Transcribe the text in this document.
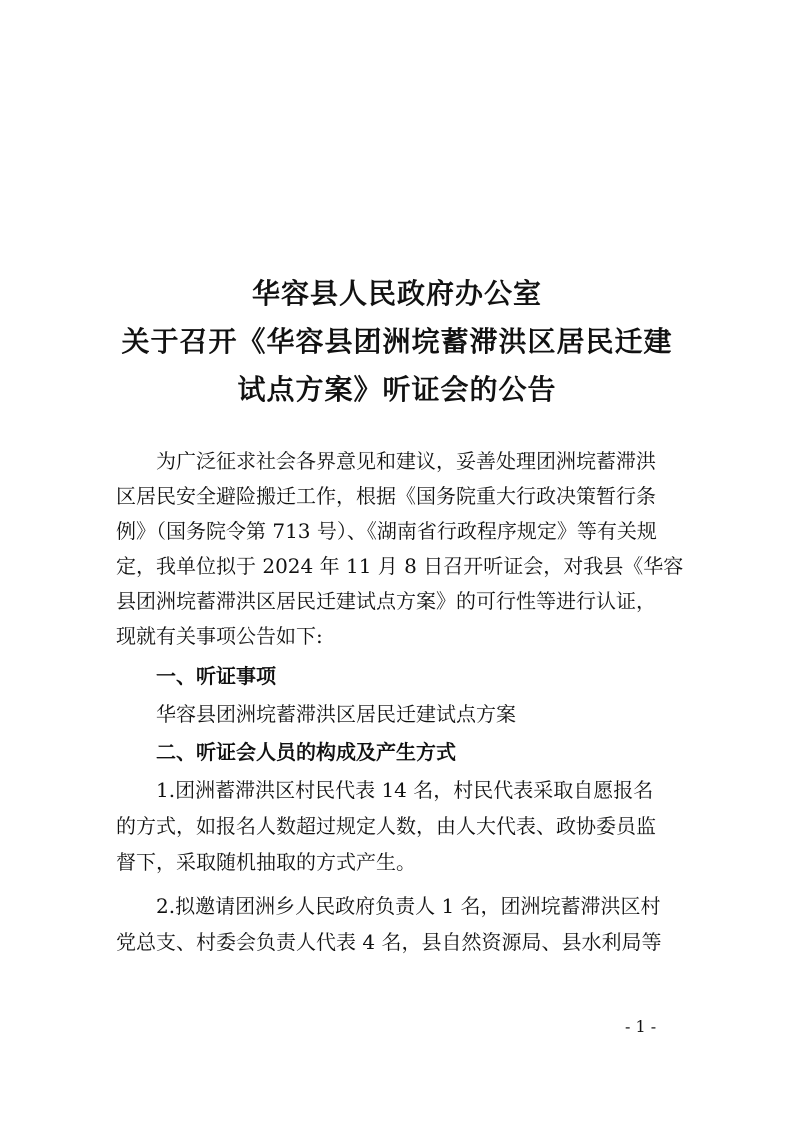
华容县人民政府办公室
关于召开《华容县团洲垸蓄滞洪区居民迁建
试点方案》听证会的公告
为广泛征求社会各界意见和建议，妥善处理团洲垸蓄滞洪
区居民安全避险搬迁工作，根据《国务院重大行政决策暂行条
例》（国务院令第 713 号）、《湖南省行政程序规定》等有关规
定，我单位拟于 2024 年 11 月 8 日召开听证会，对我县《华容
县团洲垸蓄滞洪区居民迁建试点方案》的可行性等进行认证，
现就有关事项公告如下:
一、听证事项
华容县团洲垸蓄滞洪区居民迁建试点方案
二、听证会人员的构成及产生方式
1.团洲蓄滞洪区村民代表 14 名，村民代表采取自愿报名
的方式，如报名人数超过规定人数，由人大代表、政协委员监
督下，采取随机抽取的方式产生。
2.拟邀请团洲乡人民政府负责人 1 名，团洲垸蓄滞洪区村
党总支、村委会负责人代表 4 名，县自然资源局、县水利局等
- 1 -
